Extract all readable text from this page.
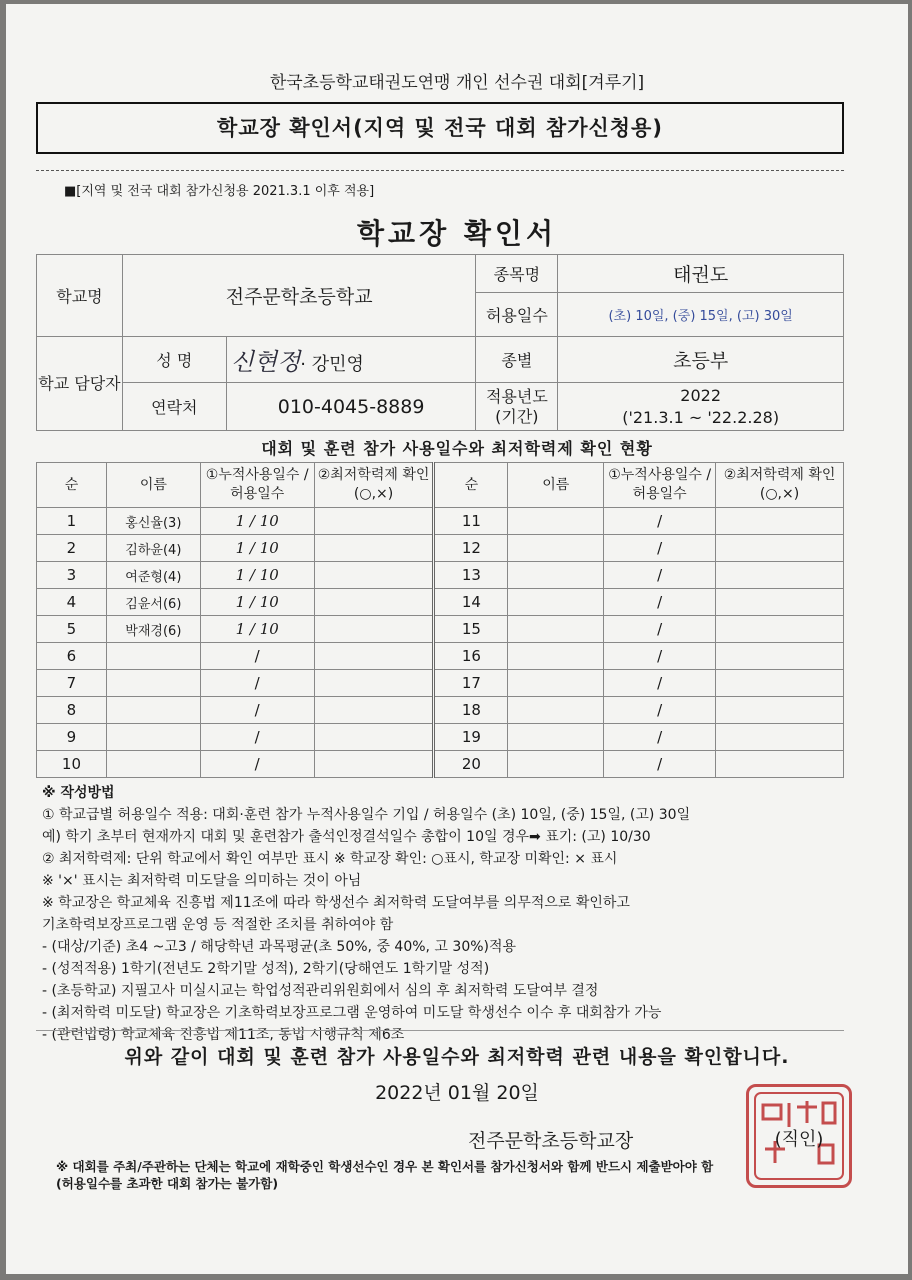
한국초등학교태권도연맹 개인 선수권 대회[겨루기]
학교장 확인서(지역 및 전국 대회 참가신청용)
■[지역 및 전국 대회 참가신청용 2021.3.1 이후 적용]
학교장 확인서
학교명	전주문학초등학교		종목명	태권도
			허용일수	(초) 10일, (중) 15일, (고) 30일
학교 담당자	성 명	신현정· 강민영	종별	초등부
	연락처	010-4045-8889	적용년도 (기간)	2022
('21.3.1 ~ '22.2.28)
대회 및 훈련 참가 사용일수와 최저학력제 확인 현황
순	이름	①누적사용일수 /허용일수	②최저학력제 확인(○,×)	순	이름	①누적사용일수 /허용일수	②최저학력제 확인(○,×)
1	홍신율(3)	1 / 10		11		/	
2	김하윤(4)	1 / 10		12		/	
3	여준형(4)	1 / 10		13		/	
4	김윤서(6)	1 / 10		14		/	
5	박재경(6)	1 / 10		15		/	
6		/		16		/	
7		/		17		/	
8		/		18		/	
9		/		19		/	
10		/		20		/	
※ 작성방법
① 학교급별 허용일수 적용: 대회·훈련 참가 누적사용일수 기입 / 허용일수 (초) 10일, (중) 15일, (고) 30일
예) 학기 초부터 현재까지 대회 및 훈련참가 출석인정결석일수 총합이 10일 경우➡ 표기: (고) 10/30
② 최저학력제: 단위 학교에서 확인 여부만 표시 ※ 학교장 확인: ○표시, 학교장 미확인: × 표시
※ '×' 표시는 최저학력 미도달을 의미하는 것이 아님
※ 학교장은 학교체육 진흥법 제11조에 따라 학생선수 최저학력 도달여부를 의무적으로 확인하고
기초학력보장프로그램 운영 등 적절한 조치를 취하여야 함
- (대상/기준) 초4 ~고3 / 해당학년 과목평균(초 50%, 중 40%, 고 30%)적용
- (성적적용) 1학기(전년도 2학기말 성적), 2학기(당해연도 1학기말 성적)
- (초등학교) 지필고사 미실시교는 학업성적관리위원회에서 심의 후 최저학력 도달여부 결정
- (최저학력 미도달) 학교장은 기초학력보장프로그램 운영하여 미도달 학생선수 이수 후 대회참가 가능
- (관련법령) 학교체육 진흥법 제11조, 동법 시행규칙 제6조
위와 같이 대회 및 훈련 참가 사용일수와 최저학력 관련 내용을 확인합니다.
2022년 01월 20일
전주문학초등학교장	(직인)
※ 대회를 주최/주관하는 단체는 학교에 재학중인 학생선수인 경우 본 확인서를 참가신청서와 함께 반드시 제출받아야 함
(허용일수를 초과한 대회 참가는 불가함)
